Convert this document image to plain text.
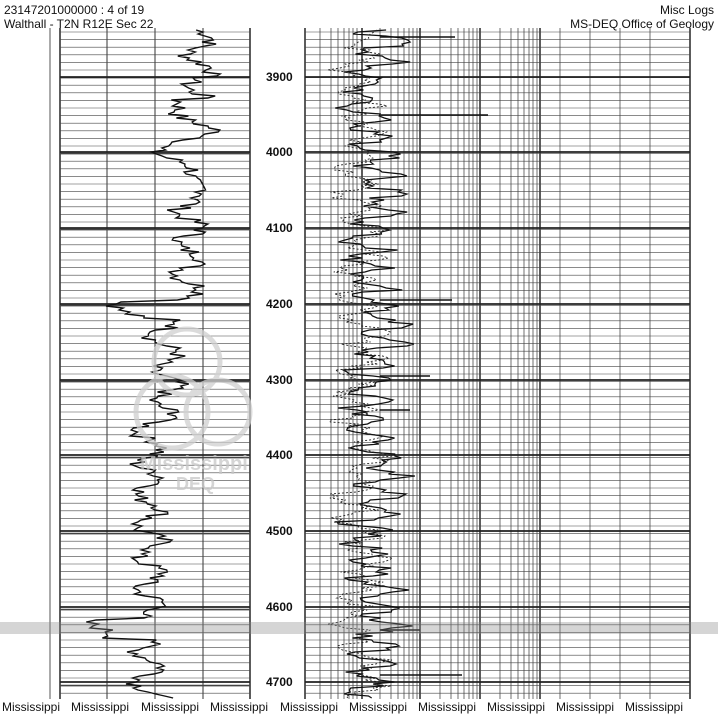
23147201000000 : 4 of 19
Walthall - T2N R12E Sec 22
Misc Logs
MS-DEQ Office of Geology
3900
4000
4100
4200
4300
4400
4500
4600
4700
Mississippi
DEQ
Mississippi Mississippi Mississippi Mississippi Mississippi Mississippi Mississippi Mississippi Mississippi Mississippi
